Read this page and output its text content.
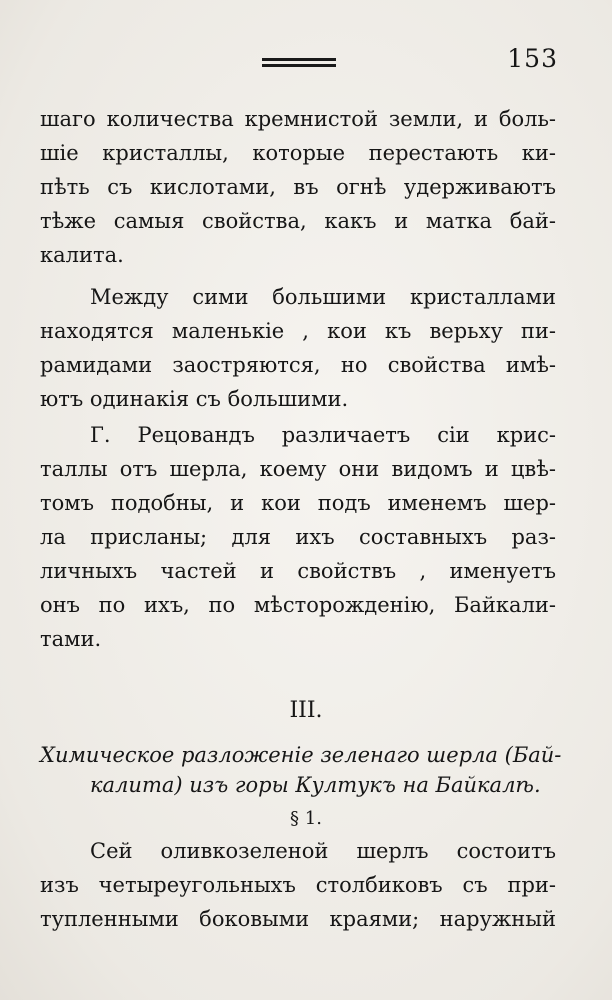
153
шаго количества кремнистой земли, и боль-
шіе кристаллы, которые перестають ки-
пѣть съ кислотами, въ огнѣ удерживаютъ
тѣже самыя свойства, какъ и матка бай-
калита.
Между сими большими кристаллами
находятся маленькіе , кои къ верьху пи-
рамидами заостряются, но свойства имѣ-
ютъ одинакія съ большими.
Г. Рецовандъ различаетъ сіи крис-
таллы отъ шерла, коему они видомъ и цвѣ-
томъ подобны, и кои подъ именемъ шер-
ла присланы; для ихъ составныхъ раз-
личныхъ частей и свойствъ , именуетъ
онъ по ихъ, по мѣсторожденію, Байкали-
тами.
III.
Химическое разложеніе зеленаго шерла (Бай-
калита) изъ горы Култукъ на Байкалѣ.
§ 1.
Сей оливкозеленой шерлъ состоитъ
изъ четыреугольныхъ столбиковъ съ при-
тупленными боковыми краями; наружный
